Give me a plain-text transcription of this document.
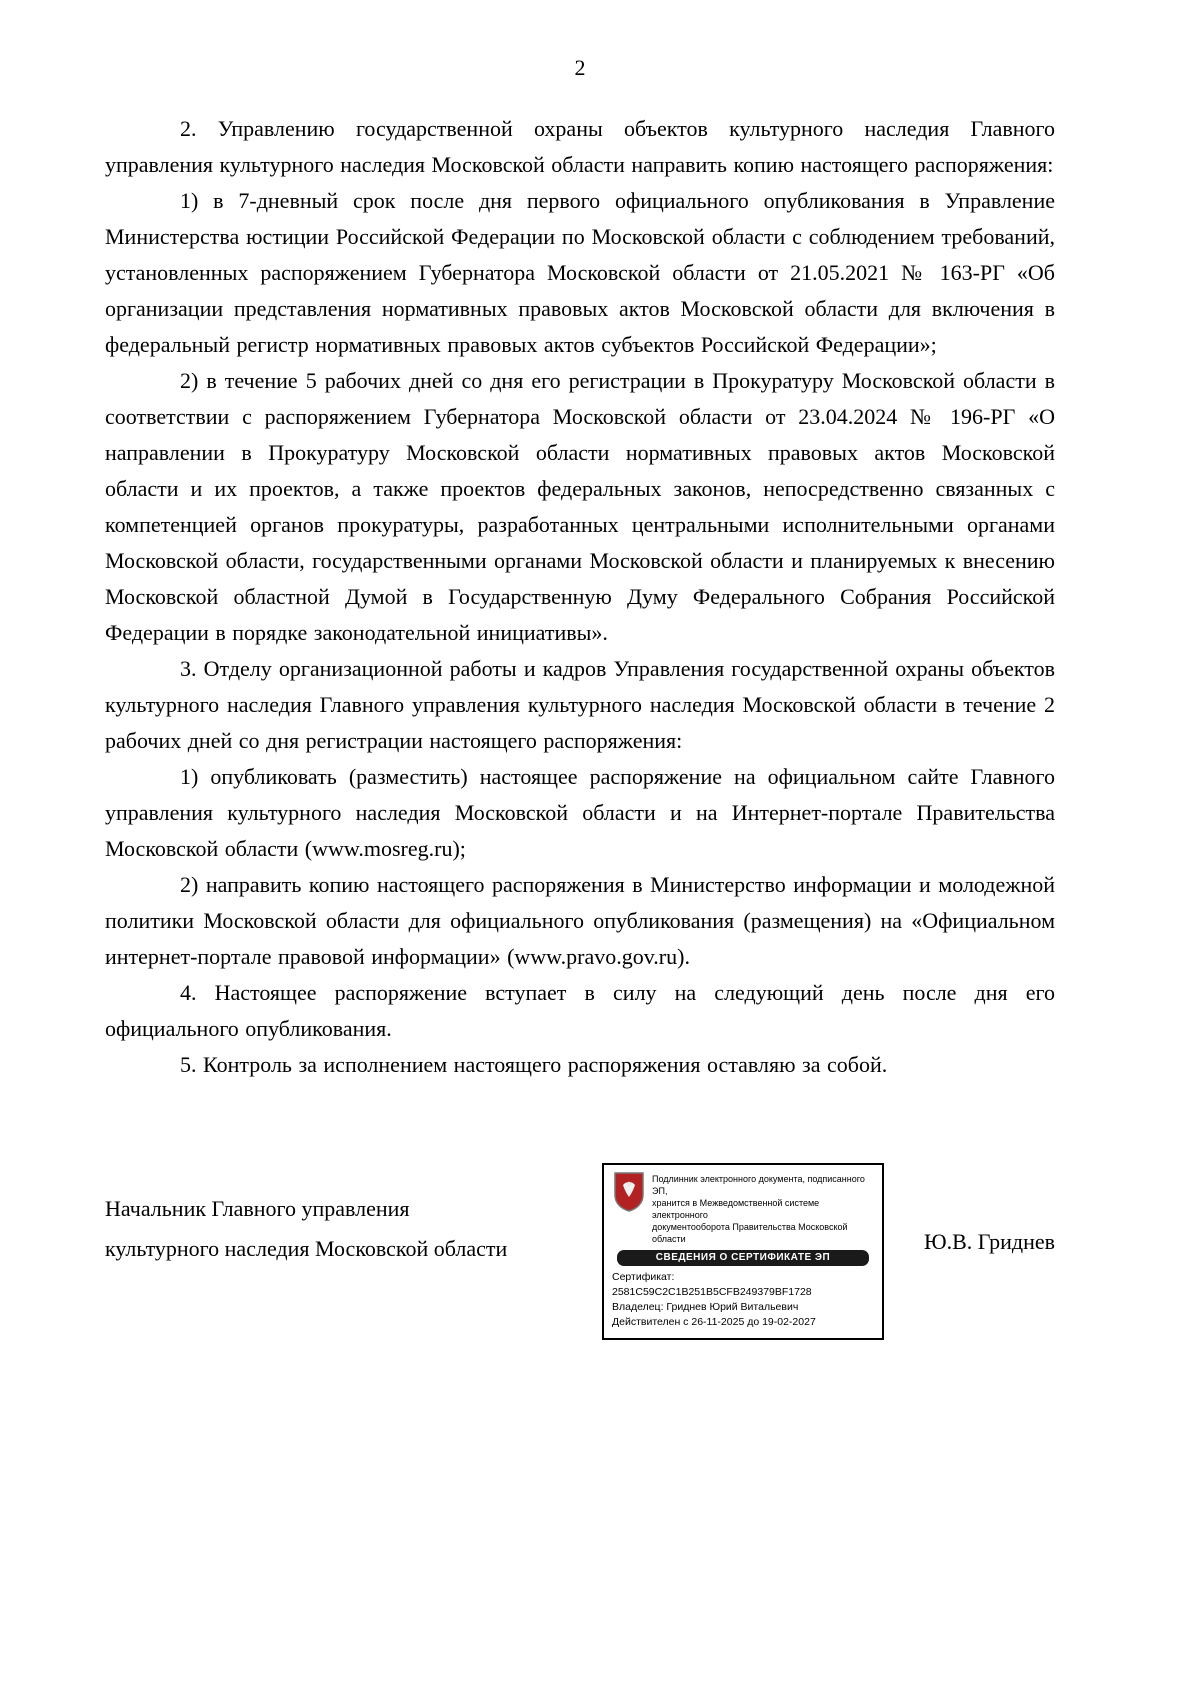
2

2. Управлению государственной охраны объектов культурного наследия Главного управления культурного наследия Московской области направить копию настоящего распоряжения:

1) в 7-дневный срок после дня первого официального опубликования в Управление Министерства юстиции Российской Федерации по Московской области с соблюдением требований, установленных распоряжением Губернатора Московской области от 21.05.2021 № 163-РГ «Об организации представления нормативных правовых актов Московской области для включения в федеральный регистр нормативных правовых актов субъектов Российской Федерации»;

2) в течение 5 рабочих дней со дня его регистрации в Прокуратуру Московской области в соответствии с распоряжением Губернатора Московской области от 23.04.2024 № 196-РГ «О направлении в Прокуратуру Московской области нормативных правовых актов Московской области и их проектов, а также проектов федеральных законов, непосредственно связанных с компетенцией органов прокуратуры, разработанных центральными исполнительными органами Московской области, государственными органами Московской области и планируемых к внесению Московской областной Думой в Государственную Думу Федерального Собрания Российской Федерации в порядке законодательной инициативы».

3. Отделу организационной работы и кадров Управления государственной охраны объектов культурного наследия Главного управления культурного наследия Московской области в течение 2 рабочих дней со дня регистрации настоящего распоряжения:

1) опубликовать (разместить) настоящее распоряжение на официальном сайте Главного управления культурного наследия Московской области и на Интернет-портале Правительства Московской области (www.mosreg.ru);

2) направить копию настоящего распоряжения в Министерство информации и молодежной политики Московской области для официального опубликования (размещения) на «Официальном интернет-портале правовой информации» (www.pravo.gov.ru).

4. Настоящее распоряжение вступает в силу на следующий день после дня его официального опубликования.

5. Контроль за исполнением настоящего распоряжения оставляю за собой.

Начальник Главного управления
культурного наследия Московской области
Подлинник электронного документа, подписанного ЭП,
хранится в Межведомственной системе электронного
документооборота Правительства Московской области
СВЕДЕНИЯ О СЕРТИФИКАТЕ ЭП
Сертификат: 2581C59C2C1B251B5CFB249379BF1728
Владелец: Гриднев Юрий Витальевич
Действителен с 26-11-2025 до 19-02-2027
Ю.В. Гриднев
